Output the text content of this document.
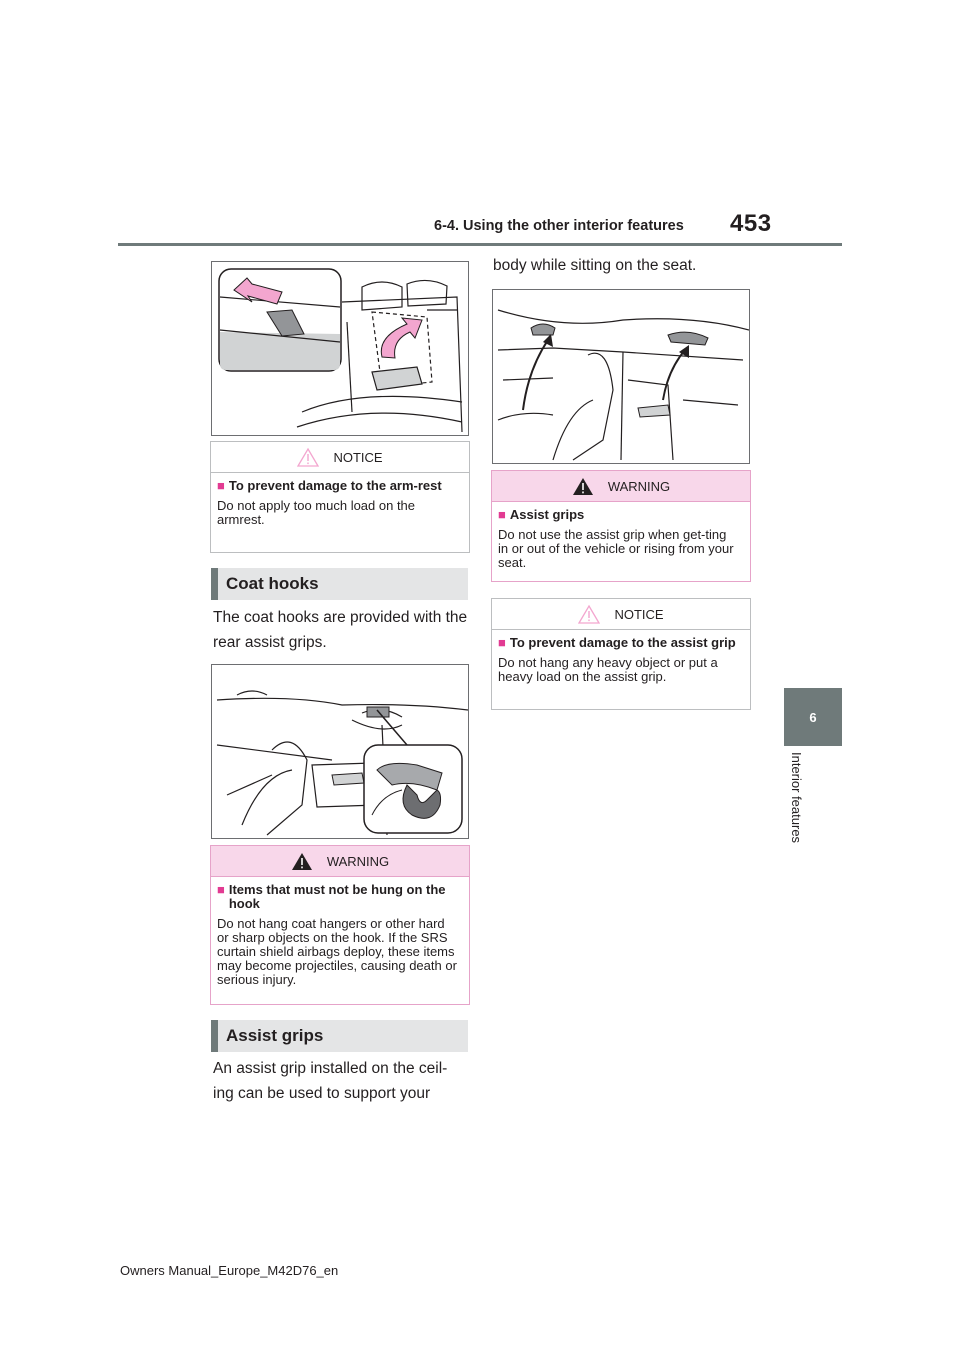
6-4. Using the other interior features 453
6
Interior features
NOTICE
■ To prevent damage to the arm-rest
Do not apply too much load on the armrest.
Coat hooks
The coat hooks are provided with the rear assist grips.
WARNING
■ Items that must not be hung on the hook
Do not hang coat hangers or other hard or sharp objects on the hook. If the SRS curtain shield airbags deploy, these items may become projectiles, causing death or serious injury.
Assist grips
An assist grip installed on the ceil-ing can be used to support your
body while sitting on the seat.
WARNING
■ Assist grips
Do not use the assist grip when get-ting in or out of the vehicle or rising from your seat.
NOTICE
■ To prevent damage to the assist grip
Do not hang any heavy object or put a heavy load on the assist grip.
Owners Manual_Europe_M42D76_en
